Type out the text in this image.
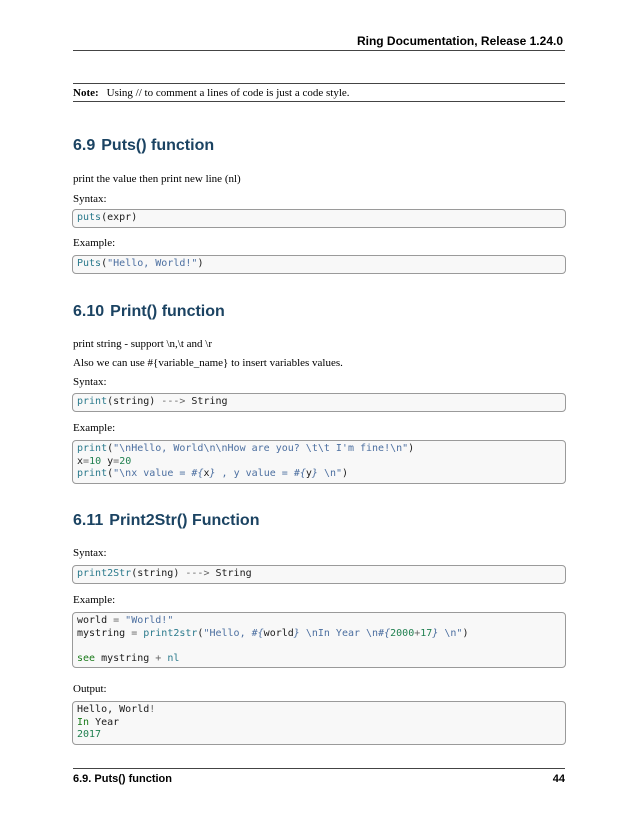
Ring Documentation, Release 1.24.0
Note: Using // to comment a lines of code is just a code style.
6.9 Puts() function

print the value then print new line (nl)

Syntax:

puts(expr)

Example:

Puts("Hello, World!")
6.10 Print() function

print string - support \n,\t and \r

Also we can use #{variable_name} to insert variables values.

Syntax:

print(string) ---> String

Example:

print("\nHello, World\n\nHow are you? \t\t I'm fine!\n")
x=10 y=20
print("\nx value = #{x} , y value = #{y} \n")
6.11 Print2Str() Function

Syntax:

print2Str(string) ---> String

Example:

world = "World!"
mystring = print2str("Hello, #{world} \nIn Year \n#{2000+17} \n")

see mystring + nl

Output:

Hello, World!
In Year
2017
6.9. Puts() function	44
